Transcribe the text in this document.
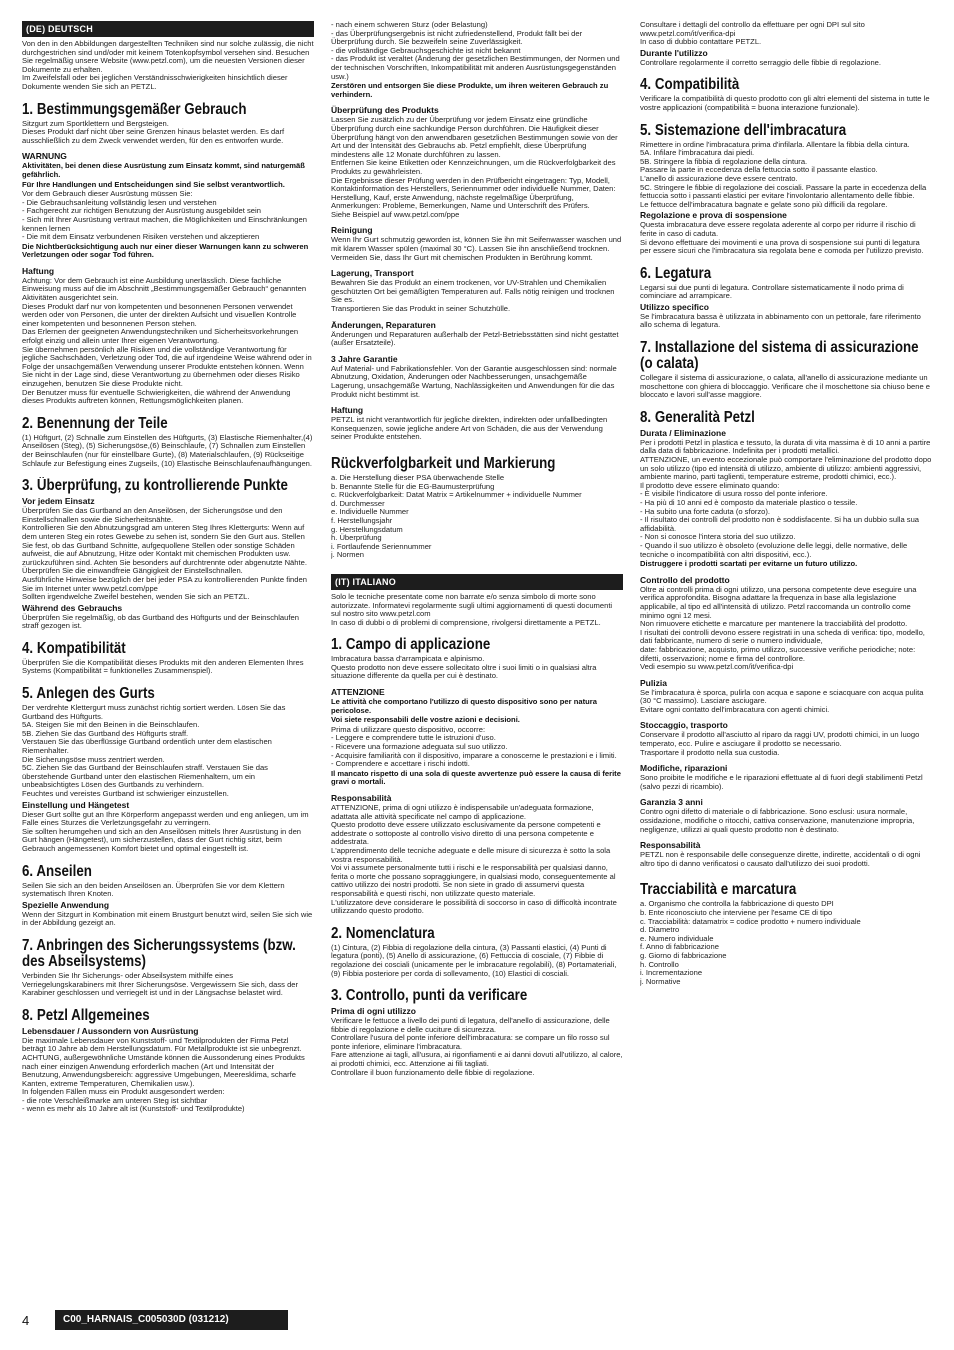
(DE) DEUTSCH

Von den in den Abbildungen dargestellten Techniken sind nur solche zulässig, die nicht durchgestrichen sind und/oder mit keinem Totenkopfsymbol versehen sind. Besuchen Sie regelmäßig unsere Website (www.petzl.com), um die neuesten Versionen dieser Dokumente zu erhalten.
Im Zweifelsfall oder bei jeglichen Verständnisschwierigkeiten hinsichtlich dieser Dokumente wenden Sie sich an PETZL.

1. Bestimmungsgemäßer Gebrauch

Sitzgurt zum Sportklettern und Bergsteigen.
Dieses Produkt darf nicht über seine Grenzen hinaus belastet werden. Es darf ausschließlich zu dem Zweck verwendet werden, für den es entworfen wurde.

WARNUNG

Aktivitäten, bei denen diese Ausrüstung zum Einsatz kommt, sind naturgemäß gefährlich.

Für Ihre Handlungen und Entscheidungen sind Sie selbst verantwortlich.

Vor dem Gebrauch dieser Ausrüstung müssen Sie:
- Die Gebrauchsanleitung vollständig lesen und verstehen
- Fachgerecht zur richtigen Benutzung der Ausrüstung ausgebildet sein
- Sich mit Ihrer Ausrüstung vertraut machen, die Möglichkeiten und Einschränkungen kennen lernen
- Die mit dem Einsatz verbundenen Risiken verstehen und akzeptieren

Die Nichtberücksichtigung auch nur einer dieser Warnungen kann zu schweren Verletzungen oder sogar Tod führen.

Haftung

Achtung: Vor dem Gebrauch ist eine Ausbildung unerlässlich. Diese fachliche Einweisung muss auf die im Abschnitt „Bestimmungsgemäßer Gebrauch“ genannten Aktivitäten ausgerichtet sein.
Dieses Produkt darf nur von kompetenten und besonnenen Personen verwendet werden oder von Personen, die unter der direkten Aufsicht und visuellen Kontrolle einer kompetenten und besonnenen Person stehen.
Das Erlernen der geeigneten Anwendungstechniken und Sicherheitsvorkehrungen erfolgt einzig und allein unter Ihrer eigenen Verantwortung.
Sie übernehmen persönlich alle Risiken und die vollständige Verantwortung für jegliche Sachschäden, Verletzung oder Tod, die auf irgendeine Weise während oder in Folge der unsachgemäßen Verwendung unserer Produkte entstehen können. Wenn Sie nicht in der Lage sind, diese Verantwortung zu übernehmen oder dieses Risiko einzugehen, benutzen Sie diese Produkte nicht.
Der Benutzer muss für eventuelle Schwierigkeiten, die während der Anwendung dieses Produkts auftreten können, Rettungsmöglichkeiten planen.

2. Benennung der Teile

(1) Hüftgurt, (2) Schnalle zum Einstellen des Hüftgurts, (3) Elastische Riemenhalter,(4) Anseilösen (Steg), (5) Sicherungsöse,(6) Beinschlaufe, (7) Schnallen zum Einstellen der Beinschlaufen (nur für einstellbare Gurte), (8) Materialschlaufen, (9) Rückseitige Schlaufe zur Befestigung eines Zugseils, (10) Elastische Beinschlaufenaufhängungen.

3. Überprüfung, zu kontrollierende Punkte
Vor jedem Einsatz

Überprüfen Sie das Gurtband an den Anseilösen, der Sicherungsöse und den Einstellschnallen sowie die Sicherheitsnähte.
Kontrollieren Sie den Abnutzungsgrad am unteren Steg Ihres Klettergurts: Wenn auf dem unteren Steg ein rotes Gewebe zu sehen ist, sondern Sie den Gurt aus. Stellen Sie fest, ob das Gurtband Schnitte, aufgequollene Stellen oder sonstige Schäden aufweist, die auf Abnutzung, Hitze oder Kontakt mit chemischen Produkten usw. zurückzuführen sind. Achten Sie besonders auf durchtrennte oder abgenutzte Nähte.
Überprüfen Sie die einwandfreie Gängigkeit der Einstellschnallen.
Ausführliche Hinweise bezüglich der bei jeder PSA zu kontrollierenden Punkte finden Sie im Internet unter www.petzl.com/ppe
Sollten irgendwelche Zweifel bestehen, wenden Sie sich an PETZL.

Während des Gebrauchs

Überprüfen Sie regelmäßig, ob das Gurtband des Hüftgurts und der Beinschlaufen straff gezogen ist.

4. Kompatibilität

Überprüfen Sie die Kompatibilität dieses Produkts mit den anderen Elementen Ihres Systems (Kompatibilität = funktionelles Zusammenspiel).

5. Anlegen des Gurts

Der verdrehte Klettergurt muss zunächst richtig sortiert werden. Lösen Sie das Gurtband des Hüftgurts.
5A. Steigen Sie mit den Beinen in die Beinschlaufen.
5B. Ziehen Sie das Gurtband des Hüftgurts straff.
Verstauen Sie das überflüssige Gurtband ordentlich unter dem elastischen Riemenhalter.
Die Sicherungsöse muss zentriert werden.
5C. Ziehen Sie das Gurtband der Beinschlaufen straff. Verstauen Sie das überstehende Gurtband unter den elastischen Riemenhaltern, um ein unbeabsichtigtes Lösen des Gurtbands zu verhindern.
Feuchtes und vereistes Gurtband ist schwieriger einzustellen.

Einstellung und Hängetest

Dieser Gurt sollte gut an Ihre Körperform angepasst werden und eng anliegen, um im Falle eines Sturzes die Verletzungsgefahr zu verringern.
Sie sollten herumgehen und sich an den Anseilösen mittels Ihrer Ausrüstung in den Gurt hängen (Hängetest), um sicherzustellen, dass der Gurt richtig sitzt, beim Gebrauch angemessenen Komfort bietet und optimal eingestellt ist.

6. Anseilen

Seilen Sie sich an den beiden Anseilösen an. Überprüfen Sie vor dem Klettern systematisch Ihren Knoten.

Spezielle Anwendung

Wenn der Sitzgurt in Kombination mit einem Brustgurt benutzt wird, seilen Sie sich wie in der Abbildung gezeigt an.

7. Anbringen des Sicherungssystems (bzw. des Abseilsystems)

Verbinden Sie Ihr Sicherungs- oder Abseilsystem mithilfe eines Verriegelungskarabiners mit Ihrer Sicherungsöse. Vergewissern Sie sich, dass der Karabiner geschlossen und verriegelt ist und in der Längsachse belastet wird.

8. Petzl Allgemeines
Lebensdauer / Aussondern von Ausrüstung

Die maximale Lebensdauer von Kunststoff- und Textilprodukten der Firma Petzl beträgt 10 Jahre ab dem Herstellungsdatum. Für Metallprodukte ist sie unbegrenzt.
ACHTUNG, außergewöhnliche Umstände können die Aussonderung eines Produkts nach einer einzigen Anwendung erforderlich machen (Art und Intensität der Benutzung, Anwendungsbereich: aggressive Umgebungen, Meeresklima, scharfe Kanten, extreme Temperaturen, Chemikalien usw.).
In folgenden Fällen muss ein Produkt ausgesondert werden:
- die rote Verschleißmarke am unteren Steg ist sichtbar
- wenn es mehr als 10 Jahre alt ist (Kunststoff- und Textilprodukte)

- nach einem schweren Sturz (oder Belastung)
- das Überprüfungsergebnis ist nicht zufriedenstellend, Produkt fällt bei der Überprüfung durch. Sie bezweifeln seine Zuverlässigkeit.
- die vollständige Gebrauchsgeschichte ist nicht bekannt
- das Produkt ist veraltet (Änderung der gesetzlichen Bestimmungen, der Normen und der technischen Vorschriften, Inkompatibilität mit anderen Ausrüstungsgegenständen usw.)

Zerstören und entsorgen Sie diese Produkte, um ihren weiteren Gebrauch zu verhindern.

Überprüfung des Produkts

Lassen Sie zusätzlich zu der Überprüfung vor jedem Einsatz eine gründliche Überprüfung durch eine sachkundige Person durchführen. Die Häufigkeit dieser Überprüfung hängt von den anwendbaren gesetzlichen Bestimmungen sowie von der Art und der Intensität des Gebrauchs ab. Petzl empfiehlt, diese Überprüfung mindestens alle 12 Monate durchführen zu lassen.
Entfernen Sie keine Etiketten oder Kennzeichnungen, um die Rückverfolgbarkeit des Produkts zu gewährleisten.
Die Ergebnisse dieser Prüfung werden in den Prüfbericht eingetragen: Typ, Modell, Kontaktinformation des Herstellers, Seriennummer oder individuelle Nummer, Daten: Herstellung, Kauf, erste Anwendung, nächste regelmäßige Überprüfung, Anmerkungen: Probleme, Bemerkungen, Name und Unterschrift des Prüfers.
Siehe Beispiel auf www.petzl.com/ppe

Reinigung

Wenn Ihr Gurt schmutzig geworden ist, können Sie ihn mit Seifenwasser waschen und mit klarem Wasser spülen (maximal 30 °C). Lassen Sie ihn anschließend trocknen.
Vermeiden Sie, dass Ihr Gurt mit chemischen Produkten in Berührung kommt.

Lagerung, Transport

Bewahren Sie das Produkt an einem trockenen, vor UV-Strahlen und Chemikalien geschützten Ort bei gemäßigten Temperaturen auf. Falls nötig reinigen und trocknen Sie es.
Transportieren Sie das Produkt in seiner Schutzhülle.

Änderungen, Reparaturen

Änderungen und Reparaturen außerhalb der Petzl-Betriebsstätten sind nicht gestattet (außer Ersatzteile).

3 Jahre Garantie

Auf Material- und Fabrikationsfehler. Von der Garantie ausgeschlossen sind: normale Abnutzung, Oxidation, Änderungen oder Nachbesserungen, unsachgemäße Lagerung, unsachgemäße Wartung, Nachlässigkeiten und Anwendungen für die das Produkt nicht bestimmt ist.

Haftung

PETZL ist nicht verantwortlich für jegliche direkten, indirekten oder unfallbedingten Konsequenzen, sowie jegliche andere Art von Schäden, die aus der Verwendung seiner Produkte entstehen.

Rückverfolgbarkeit und Markierung
a. Die Herstellung dieser PSA überwachende Stelle
b. Benannte Stelle für die EG-Baumusterprüfung
c. Rückverfolgbarkeit: Datat Matrix = Artikelnummer + individuelle Nummer
d. Durchmesser
e. Individuelle Nummer
f. Herstellungsjahr
g. Herstellungsdatum
h. Überprüfung
i. Fortlaufende Seriennummer
j. Normen
(IT) ITALIANO

Solo le tecniche presentate come non barrate e/o senza simbolo di morte sono autorizzate. Informatevi regolarmente sugli ultimi aggiornamenti di questi documenti sul nostro sito www.petzl.com
In caso di dubbi o di problemi di comprensione, rivolgersi direttamente a PETZL.

1. Campo di applicazione

Imbracatura bassa d'arrampicata e alpinismo.
Questo prodotto non deve essere sollecitato oltre i suoi limiti o in qualsiasi altra situazione differente da quella per cui è destinato.

ATTENZIONE

Le attività che comportano l'utilizzo di questo dispositivo sono per natura pericolose.

Voi siete responsabili delle vostre azioni e decisioni.

Prima di utilizzare questo dispositivo, occorre:
- Leggere e comprendere tutte le istruzioni d'uso.
- Ricevere una formazione adeguata sul suo utilizzo.
- Acquisire familiarità con il dispositivo, imparare a conoscerne le prestazioni e i limiti.
- Comprendere e accettare i rischi indotti.

Il mancato rispetto di una sola di queste avvertenze può essere la causa di ferite gravi o mortali.

Responsabilità

ATTENZIONE, prima di ogni utilizzo è indispensabile un'adeguata formazione, adattata alle attività specificate nel campo di applicazione.
Questo prodotto deve essere utilizzato esclusivamente da persone competenti e addestrate o sottoposte al controllo visivo diretto di una persona competente e addestrata.
L'apprendimento delle tecniche adeguate e delle misure di sicurezza è sotto la sola vostra responsabilità.
Voi vi assumete personalmente tutti i rischi e le responsabilità per qualsiasi danno, ferita o morte che possano sopraggiungere, in qualsiasi modo, conseguentemente al cattivo utilizzo dei nostri prodotti. Se non siete in grado di assumervi questa responsabilità e questi rischi, non utilizzate questo materiale.
L'utilizzatore deve considerare le possibilità di soccorso in caso di difficoltà incontrate utilizzando questo prodotto.

2. Nomenclatura

(1) Cintura, (2) Fibbia di regolazione della cintura, (3) Passanti elastici, (4) Punti di legatura (ponti), (5) Anello di assicurazione, (6) Fettuccia di cosciale, (7) Fibbie di regolazione dei cosciali (unicamente per le imbracature regolabili), (8) Portamateriali, (9) Fibbia posteriore per corda di sollevamento, (10) Elastici di cosciali.

3. Controllo, punti da verificare
Prima di ogni utilizzo

Verificare le fettucce a livello dei punti di legatura, dell'anello di assicurazione, delle fibbie di regolazione e delle cuciture di sicurezza.
Controllare l'usura del ponte inferiore dell'imbracatura: se compare un filo rosso sul ponte inferiore, eliminare l'imbracatura.
Fare attenzione ai tagli, all'usura, ai rigonfiamenti e ai danni dovuti all'utilizzo, al calore, ai prodotti chimici, ecc. Attenzione ai fili tagliati.
Controllare il buon funzionamento delle fibbie di regolazione.

Consultare i dettagli del controllo da effettuare per ogni DPI sul sito www.petzl.com/it/verifica-dpi
In caso di dubbio contattare PETZL.

Durante l'utilizzo

Controllare regolarmente il corretto serraggio delle fibbie di regolazione.

4. Compatibilità

Verificare la compatibilità di questo prodotto con gli altri elementi del sistema in tutte le vostre applicazioni (compatibilità = buona interazione funzionale).

5. Sistemazione dell'imbracatura

Rimettere in ordine l'imbracatura prima d'infilarla. Allentare la fibbia della cintura.
5A. Infilare l'imbracatura dai piedi.
5B. Stringere la fibbia di regolazione della cintura.
Passare la parte in eccedenza della fettuccia sotto il passante elastico.
L'anello di assicurazione deve essere centrato.
5C. Stringere le fibbie di regolazione dei cosciali. Passare la parte in eccedenza della fettuccia sotto i passanti elastici per evitare l'involontario allentamento delle fibbie.
Le fettucce dell'imbracatura bagnate e gelate sono più difficili da regolare.

Regolazione e prova di sospensione

Questa imbracatura deve essere regolata aderente al corpo per ridurre il rischio di ferite in caso di caduta.
Si devono effettuare dei movimenti e una prova di sospensione sui punti di legatura per essere sicuri che l'imbracatura sia regolata bene e comoda per l'utilizzo previsto.

6. Legatura

Legarsi sui due punti di legatura. Controllare sistematicamente il nodo prima di cominciare ad arrampicare.

Utilizzo specifico

Se l'imbracatura bassa è utilizzata in abbinamento con un pettorale, fare riferimento allo schema di legatura.

7. Installazione del sistema di assicurazione (o calata)

Collegare il sistema di assicurazione, o calata, all'anello di assicurazione mediante un moschettone con ghiera di bloccaggio. Verificare che il moschettone sia chiuso bene e bloccato e lavori sull'asse maggiore.

8. Generalità Petzl
Durata / Eliminazione

Per i prodotti Petzl in plastica e tessuto, la durata di vita massima è di 10 anni a partire dalla data di fabbricazione. Indefinita per i prodotti metallici.
ATTENZIONE, un evento eccezionale può comportare l'eliminazione del prodotto dopo un solo utilizzo (tipo ed intensità di utilizzo, ambiente di utilizzo: ambienti aggressivi, ambiente marino, parti taglienti, temperature estreme, prodotti chimici, ecc.).
Il prodotto deve essere eliminato quando:
- È visibile l'indicatore di usura rosso del ponte inferiore.
- Ha più di 10 anni ed è composto da materiale plastico o tessile.
- Ha subito una forte caduta (o sforzo).
- Il risultato dei controlli del prodotto non è soddisfacente. Si ha un dubbio sulla sua affidabilità.
- Non si conosce l'intera storia del suo utilizzo.
- Quando il suo utilizzo è obsoleto (evoluzione delle leggi, delle normative, delle tecniche o incompatibilità con altri dispositivi, ecc.).

Distruggere i prodotti scartati per evitarne un futuro utilizzo.

Controllo del prodotto

Oltre ai controlli prima di ogni utilizzo, una persona competente deve eseguire una verifica approfondita. Bisogna adattare la frequenza in base alla legislazione applicabile, al tipo ed all'intensità di utilizzo. Petzl raccomanda un controllo come minimo ogni 12 mesi.
Non rimuovere etichette e marcature per mantenere la tracciabilità del prodotto.
I risultati dei controlli devono essere registrati in una scheda di verifica: tipo, modello, dati fabbricante, numero di serie o numero individuale,
date: fabbricazione, acquisto, primo utilizzo, successive verifiche periodiche; note: difetti, osservazioni; nome e firma del controllore.
Vedi esempio su www.petzl.com/it/verifica-dpi

Pulizia

Se l'imbracatura è sporca, pulirla con acqua e sapone e sciacquare con acqua pulita (30 °C massimo). Lasciare asciugare.
Evitare ogni contatto dell'imbracatura con agenti chimici.

Stoccaggio, trasporto

Conservare il prodotto all'asciutto al riparo da raggi UV, prodotti chimici, in un luogo temperato, ecc. Pulire e asciugare il prodotto se necessario.
Trasportare il prodotto nella sua custodia.

Modifiche, riparazioni

Sono proibite le modifiche e le riparazioni effettuate al di fuori degli stabilimenti Petzl (salvo pezzi di ricambio).

Garanzia 3 anni

Contro ogni difetto di materiale o di fabbricazione. Sono esclusi: usura normale, ossidazione, modifiche o ritocchi, cattiva conservazione, manutenzione impropria, negligenze, utilizzi ai quali questo prodotto non è destinato.

Responsabilità

PETZL non è responsabile delle conseguenze dirette, indirette, accidentali o di ogni altro tipo di danno verificatosi o causato dall'utilizzo dei suoi prodotti.

Tracciabilità e marcatura
a. Organismo che controlla la fabbricazione di questo DPI
b. Ente riconosciuto che interviene per l'esame CE di tipo
c. Tracciabilità: datamatrix = codice prodotto + numero individuale
d. Diametro
e. Numero individuale
f. Anno di fabbricazione
g. Giorno di fabbricazione
h. Controllo
i. Incrementazione
j. Normative
4	C00_HARNAIS_C005030D (031212)
